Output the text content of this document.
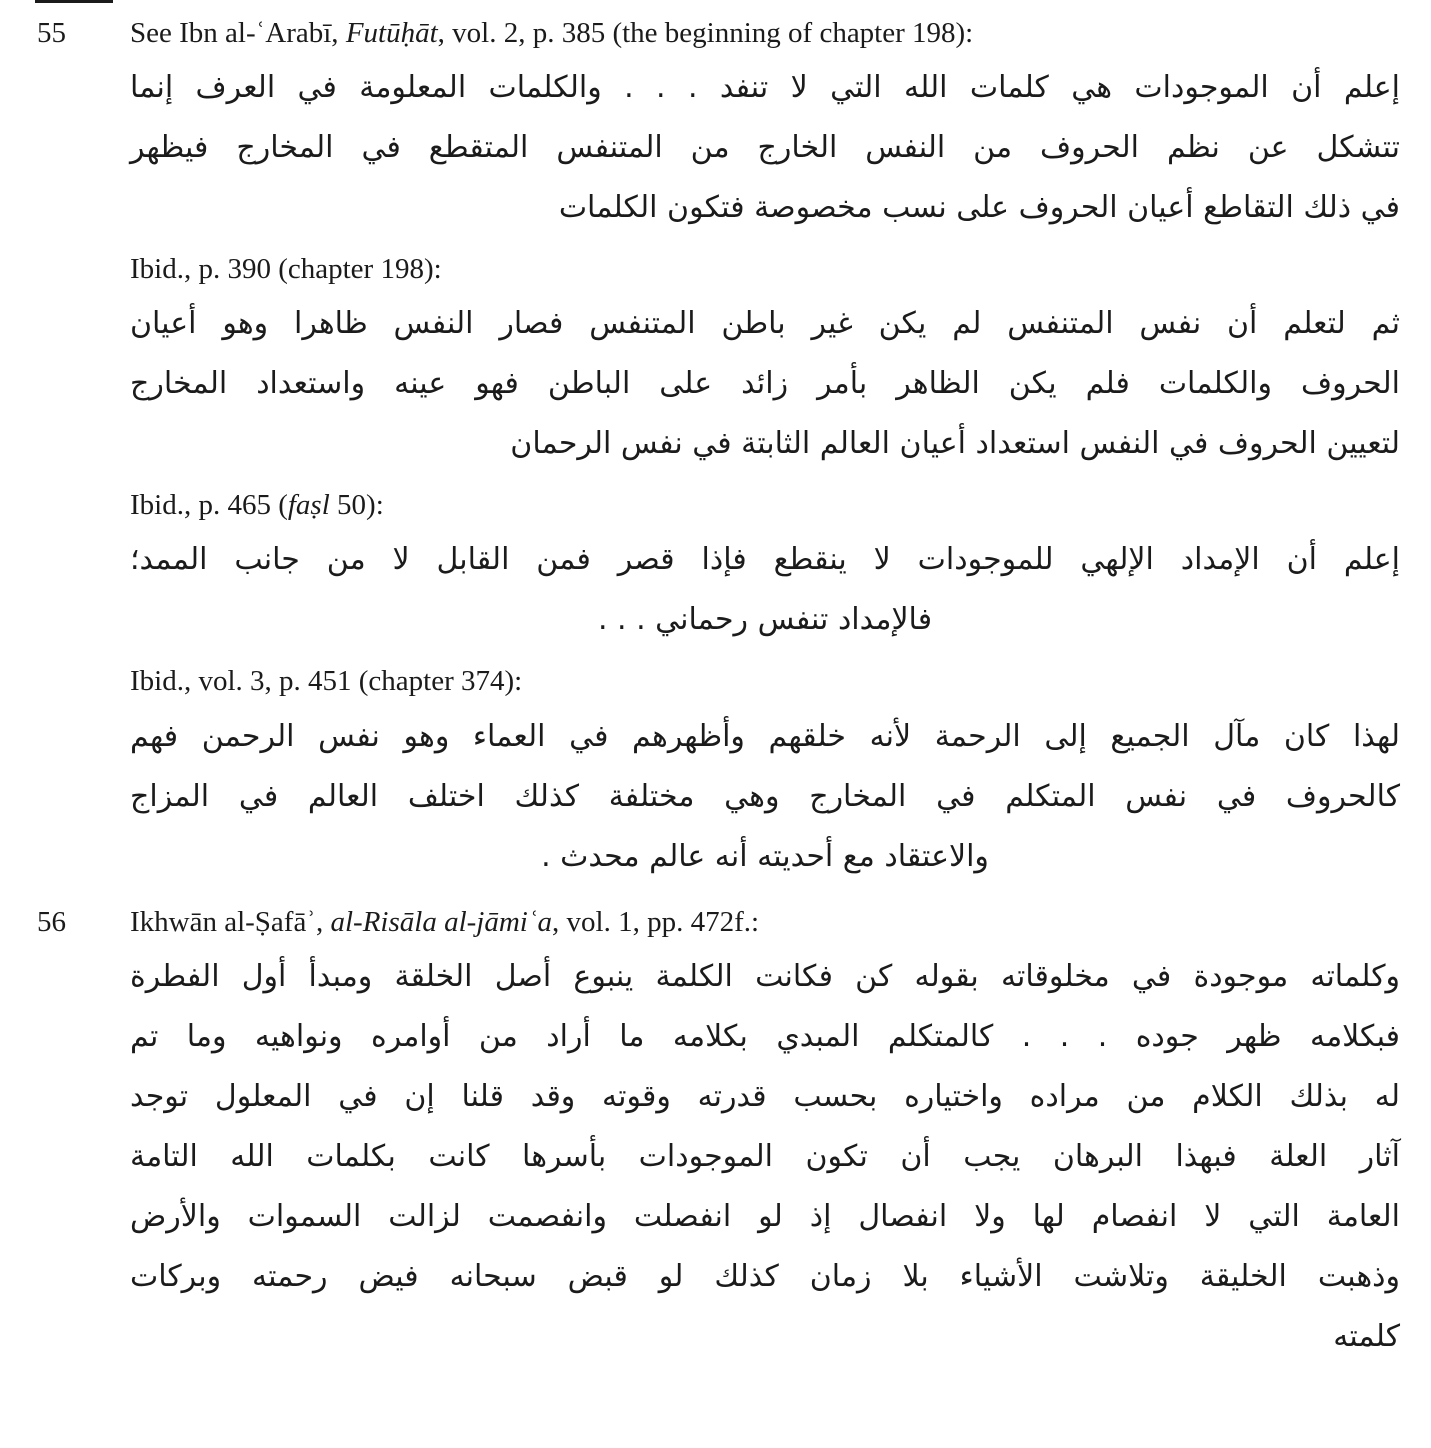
55	See Ibn al-ʿArabī, Futūḥāt, vol. 2, p. 385 (the beginning of chapter 198):

إعلم أن الموجودات هي كلمات الله التي لا تنفد . . . والكلمات المعلومة في العرف إنما
تتشكل عن نظم الحروف من النفس الخارج من المتنفس المتقطع في المخارج فيظهر
في ذلك التقاطع أعيان الحروف على نسب مخصوصة فتكون الكلمات

Ibid., p. 390 (chapter 198):

ثم لتعلم أن نفس المتنفس لم يكن غير باطن المتنفس فصار النفس ظاهرا وهو أعيان
الحروف والكلمات فلم يكن الظاهر بأمر زائد على الباطن فهو عينه واستعداد المخارج
لتعيين الحروف في النفس استعداد أعيان العالم الثابتة في نفس الرحمان

Ibid., p. 465 (faṣl 50):

إعلم أن الإمداد الإلهي للموجودات لا ينقطع فإذا قصر فمن القابل لا من جانب الممد؛
فالإمداد تنفس رحماني . . .

Ibid., vol. 3, p. 451 (chapter 374):

لهذا كان مآل الجميع إلى الرحمة لأنه خلقهم وأظهرهم في العماء وهو نفس الرحمن فهم
كالحروف في نفس المتكلم في المخارج وهي مختلفة كذلك اختلف العالم في المزاج
والاعتقاد مع أحديته أنه عالم محدث .
56	Ikhwān al-Ṣafāʾ, al-Risāla al-jāmiʿa, vol. 1, pp. 472f.:

وكلماته موجودة في مخلوقاته بقوله كن فكانت الكلمة ينبوع أصل الخلقة ومبدأ أول الفطرة
فبكلامه ظهر جوده . . . كالمتكلم المبدي بكلامه ما أراد من أوامره ونواهيه وما تم
له بذلك الكلام من مراده واختياره بحسب قدرته وقوته وقد قلنا إن في المعلول توجد
آثار العلة فبهذا البرهان يجب أن تكون الموجودات بأسرها كانت بكلمات الله التامة
العامة التي لا انفصام لها ولا انفصال إذ لو انفصلت وانفصمت لزالت السموات والأرض
وذهبت الخليقة وتلاشت الأشياء بلا زمان كذلك لو قبض سبحانه فيض رحمته وبركات
كلمته
